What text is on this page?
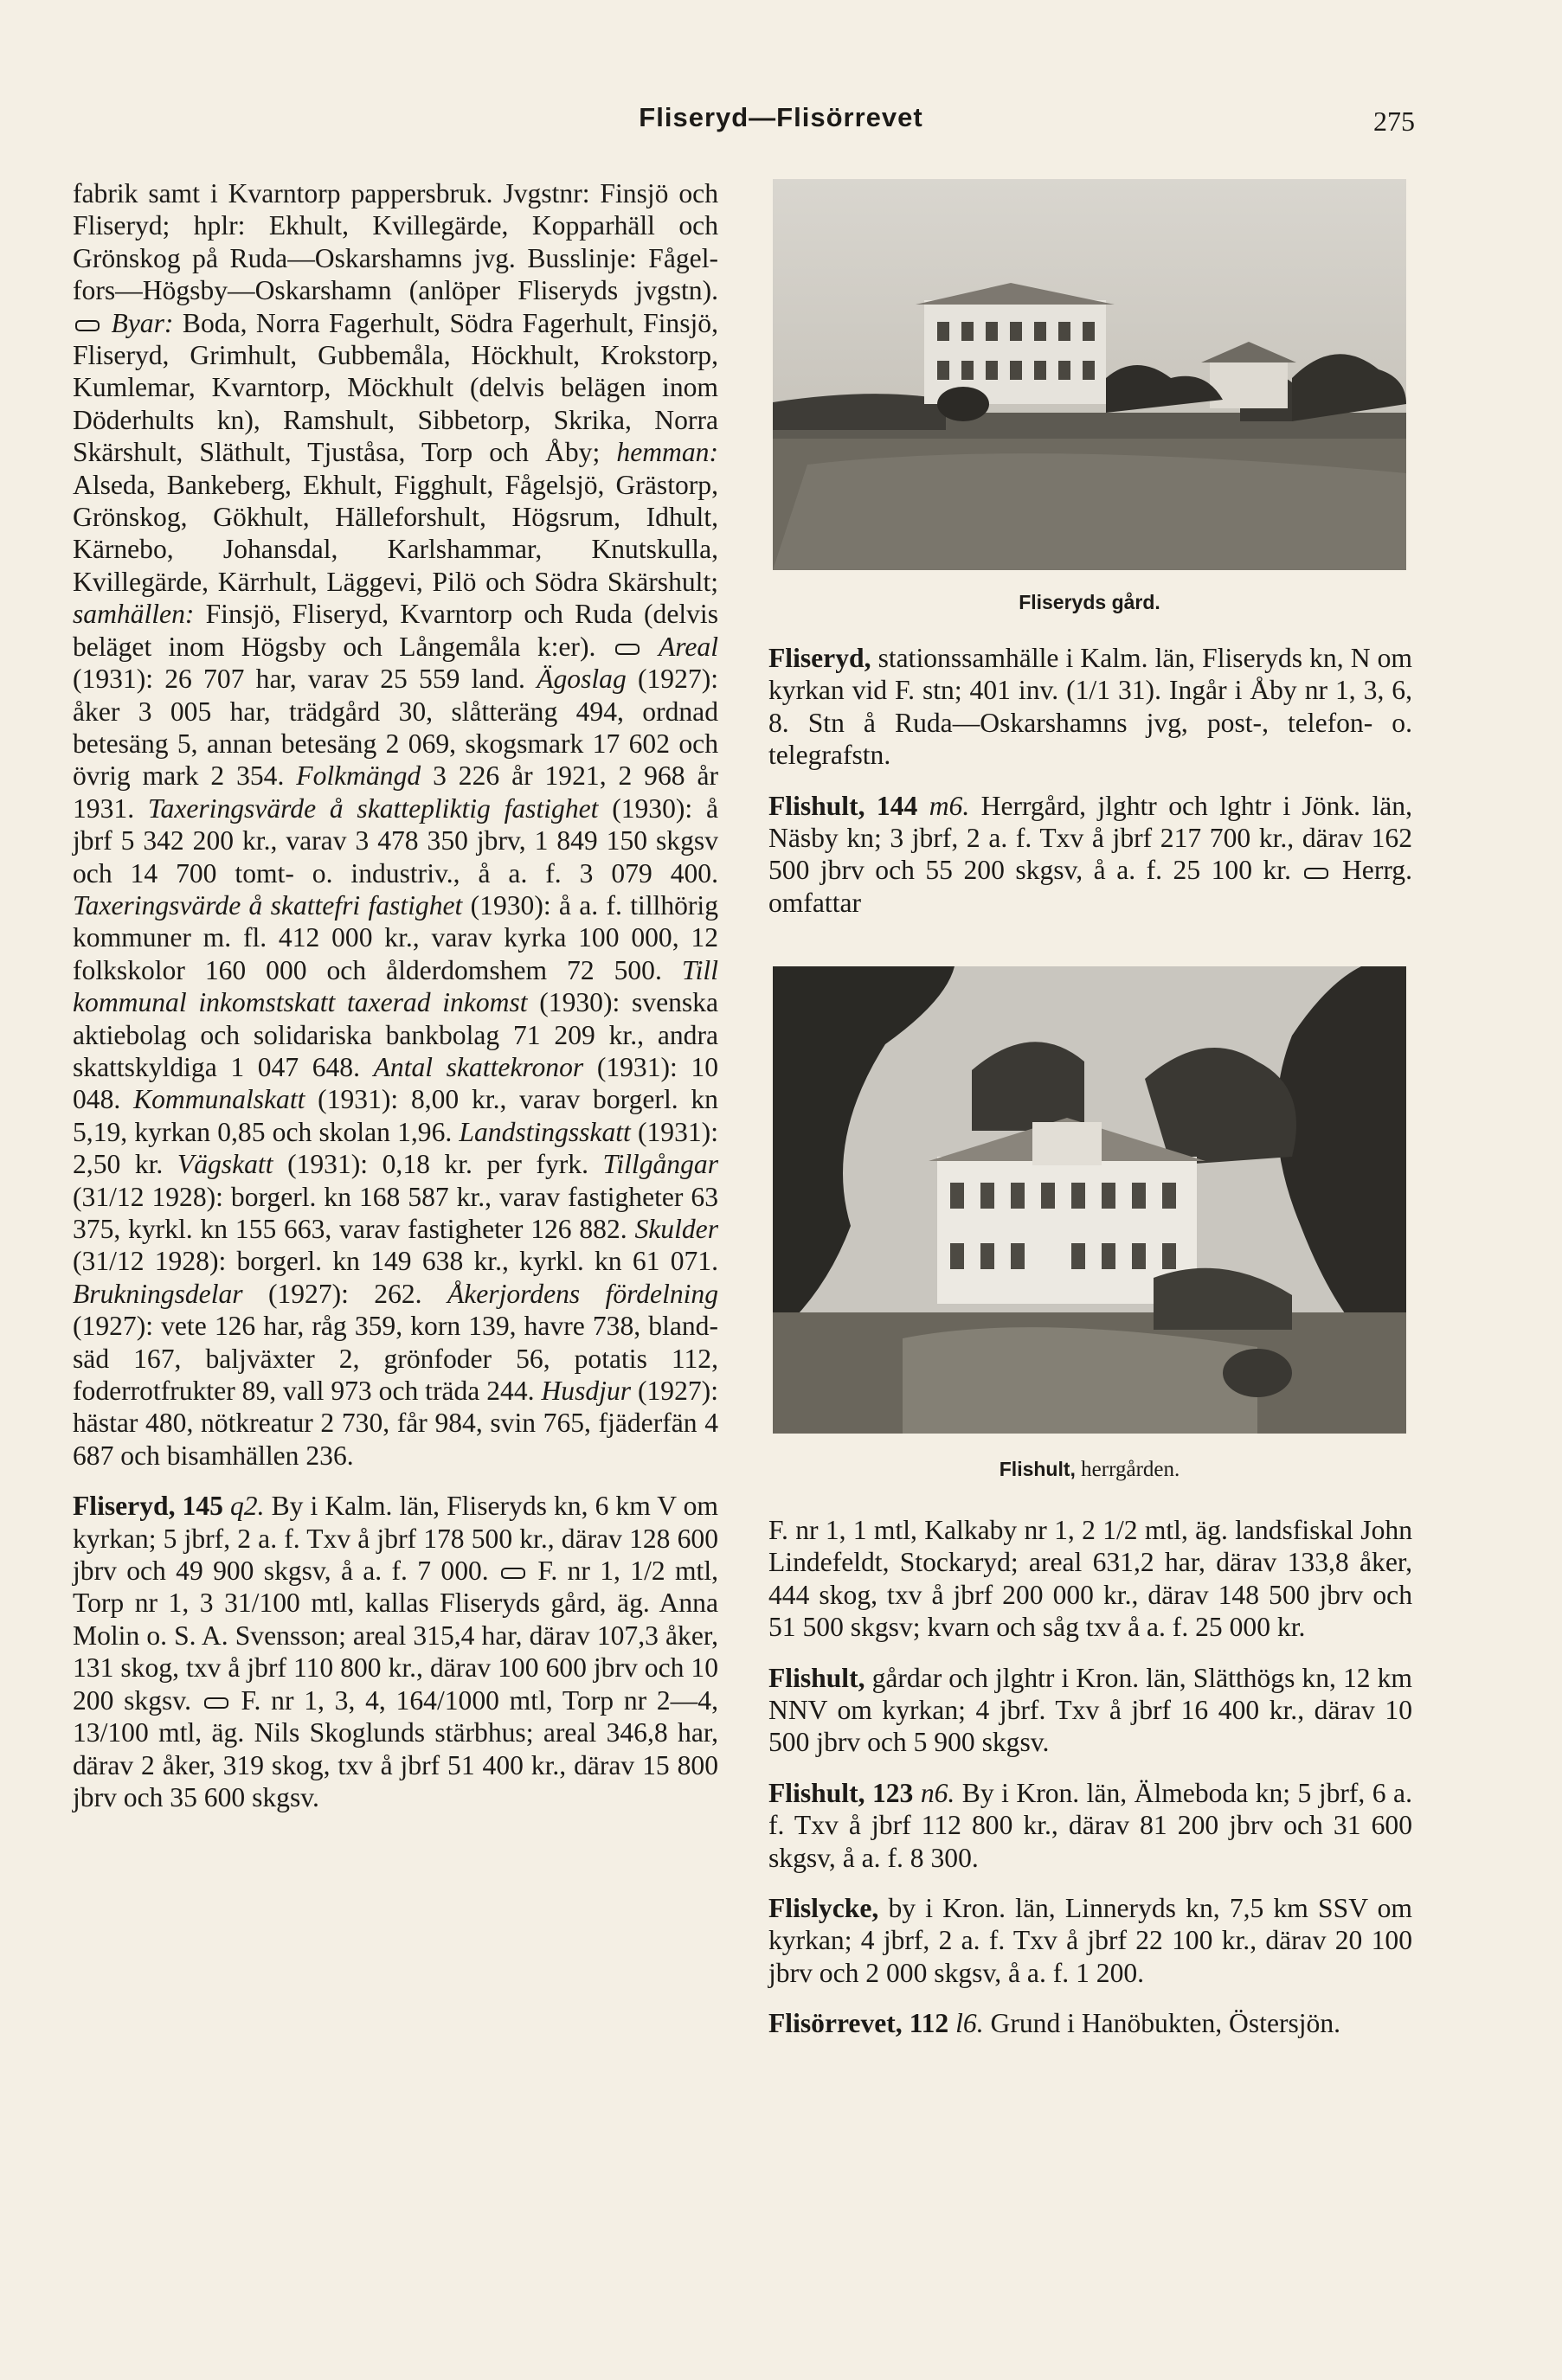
Fliseryd—Flisörrevet	275

fabrik samt i Kvarntorp pappersbruk. Jvgstnr: Finsjö och Fliseryd; hplr: Ekhult, Kvillegärde, Kopparhäll och Grönskog på Ruda—Oskarshamns jvg. Busslinje: Fågelfors—Högsby—Oskarshamn (anlöper Fliseryds jvgstn).  Byar: Boda, Norra Fagerhult, Södra Fagerhult, Finsjö, Fliseryd, Grimhult, Gubbemåla, Höckhult, Krokstorp, Kumlemar, Kvarntorp, Möckhult (delvis belägen inom Döderhults kn), Ramshult, Sibbetorp, Skrika, Norra Skärshult, Släthult, Tjuståsa, Torp och Åby; hemman: Alseda, Bankeberg, Ekhult, Figghult, Fågelsjö, Grästorp, Grönskog, Gökhult, Hälleforshult, Högsrum, Idhult, Kärnebo, Johansdal, Karlshammar, Knutskulla, Kvillegärde, Kärrhult, Läggevi, Pilö och Södra Skärshult; samhällen: Finsjö, Fliseryd, Kvarntorp och Ruda (delvis beläget inom Högsby och Långemåla k:er). Areal (1931): 26 707 har, varav 25 559 land. Ägoslag (1927): åker 3 005 har, trädgård 30, slåtteräng 494, ordnad betesäng 5, annan betesäng 2 069, skogsmark 17 602 och övrig mark 2 354. Folkmängd 3 226 år 1921, 2 968 år 1931. Taxeringsvärde å skattepliktig fastighet (1930): å jbrf 5 342 200 kr., varav 3 478 350 jbrv, 1 849 150 skgsv och 14 700 tomt- o. industriv., å a. f. 3 079 400. Taxeringsvärde å skattefri fastighet (1930): å a. f. tillhörig kommuner m. fl. 412 000 kr., varav kyrka 100 000, 12 folkskolor 160 000 och ålderdomshem 72 500. Till kommunal inkomstskatt taxerad inkomst (1930): svenska aktiebolag och solidariska bankbolag 71 209 kr., andra skattskyldiga 1 047 648. Antal skattekronor (1931): 10 048. Kommunalskatt (1931): 8,00 kr., varav borgerl. kn 5,19, kyrkan 0,85 och skolan 1,96. Landstingsskatt (1931): 2,50 kr. Vägskatt (1931): 0,18 kr. per fyrk. Tillgångar (31/12 1928): borgerl. kn 168 587 kr., varav fastigheter 63 375, kyrkl. kn 155 663, varav fastigheter 126 882. Skulder (31/12 1928): borgerl. kn 149 638 kr., kyrkl. kn 61 071. Brukningsdelar (1927): 262. Åkerjordens fördelning (1927): vete 126 har, råg 359, korn 139, havre 738, blandsäd 167, baljväxter 2, grönfoder 56, potatis 112, foderrotfrukter 89, vall 973 och träda 244. Husdjur (1927): hästar 480, nötkreatur 2 730, får 984, svin 765, fjäderfän 4 687 och bisamhällen 236.

Fliseryd, 145 q2. By i Kalm. län, Fliseryds kn, 6 km V om kyrkan; 5 jbrf, 2 a. f. Txv å jbrf 178 500 kr., därav 128 600 jbrv och 49 900 skgsv, å a. f. 7 000. F. nr 1, 1/2 mtl, Torp nr 1, 3 31/100 mtl, kallas Fliseryds gård, äg. Anna Molin o. S. A. Svensson; areal 315,4 har, därav 107,3 åker, 131 skog, txv å jbrf 110 800 kr., därav 100 600 jbrv och 10 200 skgsv. F. nr 1, 3, 4, 164/1000 mtl, Torp nr 2—4, 13/100 mtl, äg. Nils Skoglunds stärbhus; areal 346,8 har, därav 2 åker, 319 skog, txv å jbrf 51 400 kr., därav 15 800 jbrv och 35 600 skgsv.

Fliseryds gård.

Fliseryd, stationssamhälle i Kalm. län, Fliseryds kn, N om kyrkan vid F. stn; 401 inv. (1/1 31). Ingår i Åby nr 1, 3, 6, 8. Stn å Ruda—Oskarshamns jvg, post-, telefon- o. telegrafstn.

Flishult, 144 m6. Herrgård, jlghtr och lghtr i Jönk. län, Näsby kn; 3 jbrf, 2 a. f. Txv å jbrf 217 700 kr., därav 162 500 jbrv och 55 200 skgsv, å a. f. 25 100 kr. Herrg. omfattar

Flishult, herrgården.

F. nr 1, 1 mtl, Kalkaby nr 1, 2 1/2 mtl, äg. landsfiskal John Lindefeldt, Stockaryd; areal 631,2 har, därav 133,8 åker, 444 skog, txv å jbrf 200 000 kr., därav 148 500 jbrv och 51 500 skgsv; kvarn och såg txv å a. f. 25 000 kr.

Flishult, gårdar och jlghtr i Kron. län, Slätthögs kn, 12 km NNV om kyrkan; 4 jbrf. Txv å jbrf 16 400 kr., därav 10 500 jbrv och 5 900 skgsv.

Flishult, 123 n6. By i Kron. län, Älmeboda kn; 5 jbrf, 6 a. f. Txv å jbrf 112 800 kr., därav 81 200 jbrv och 31 600 skgsv, å a. f. 8 300.

Flislycke, by i Kron. län, Linneryds kn, 7,5 km SSV om kyrkan; 4 jbrf, 2 a. f. Txv å jbrf 22 100 kr., därav 20 100 jbrv och 2 000 skgsv, å a. f. 1 200.

Flisörrevet, 112 l6. Grund i Hanöbukten, Östersjön.
